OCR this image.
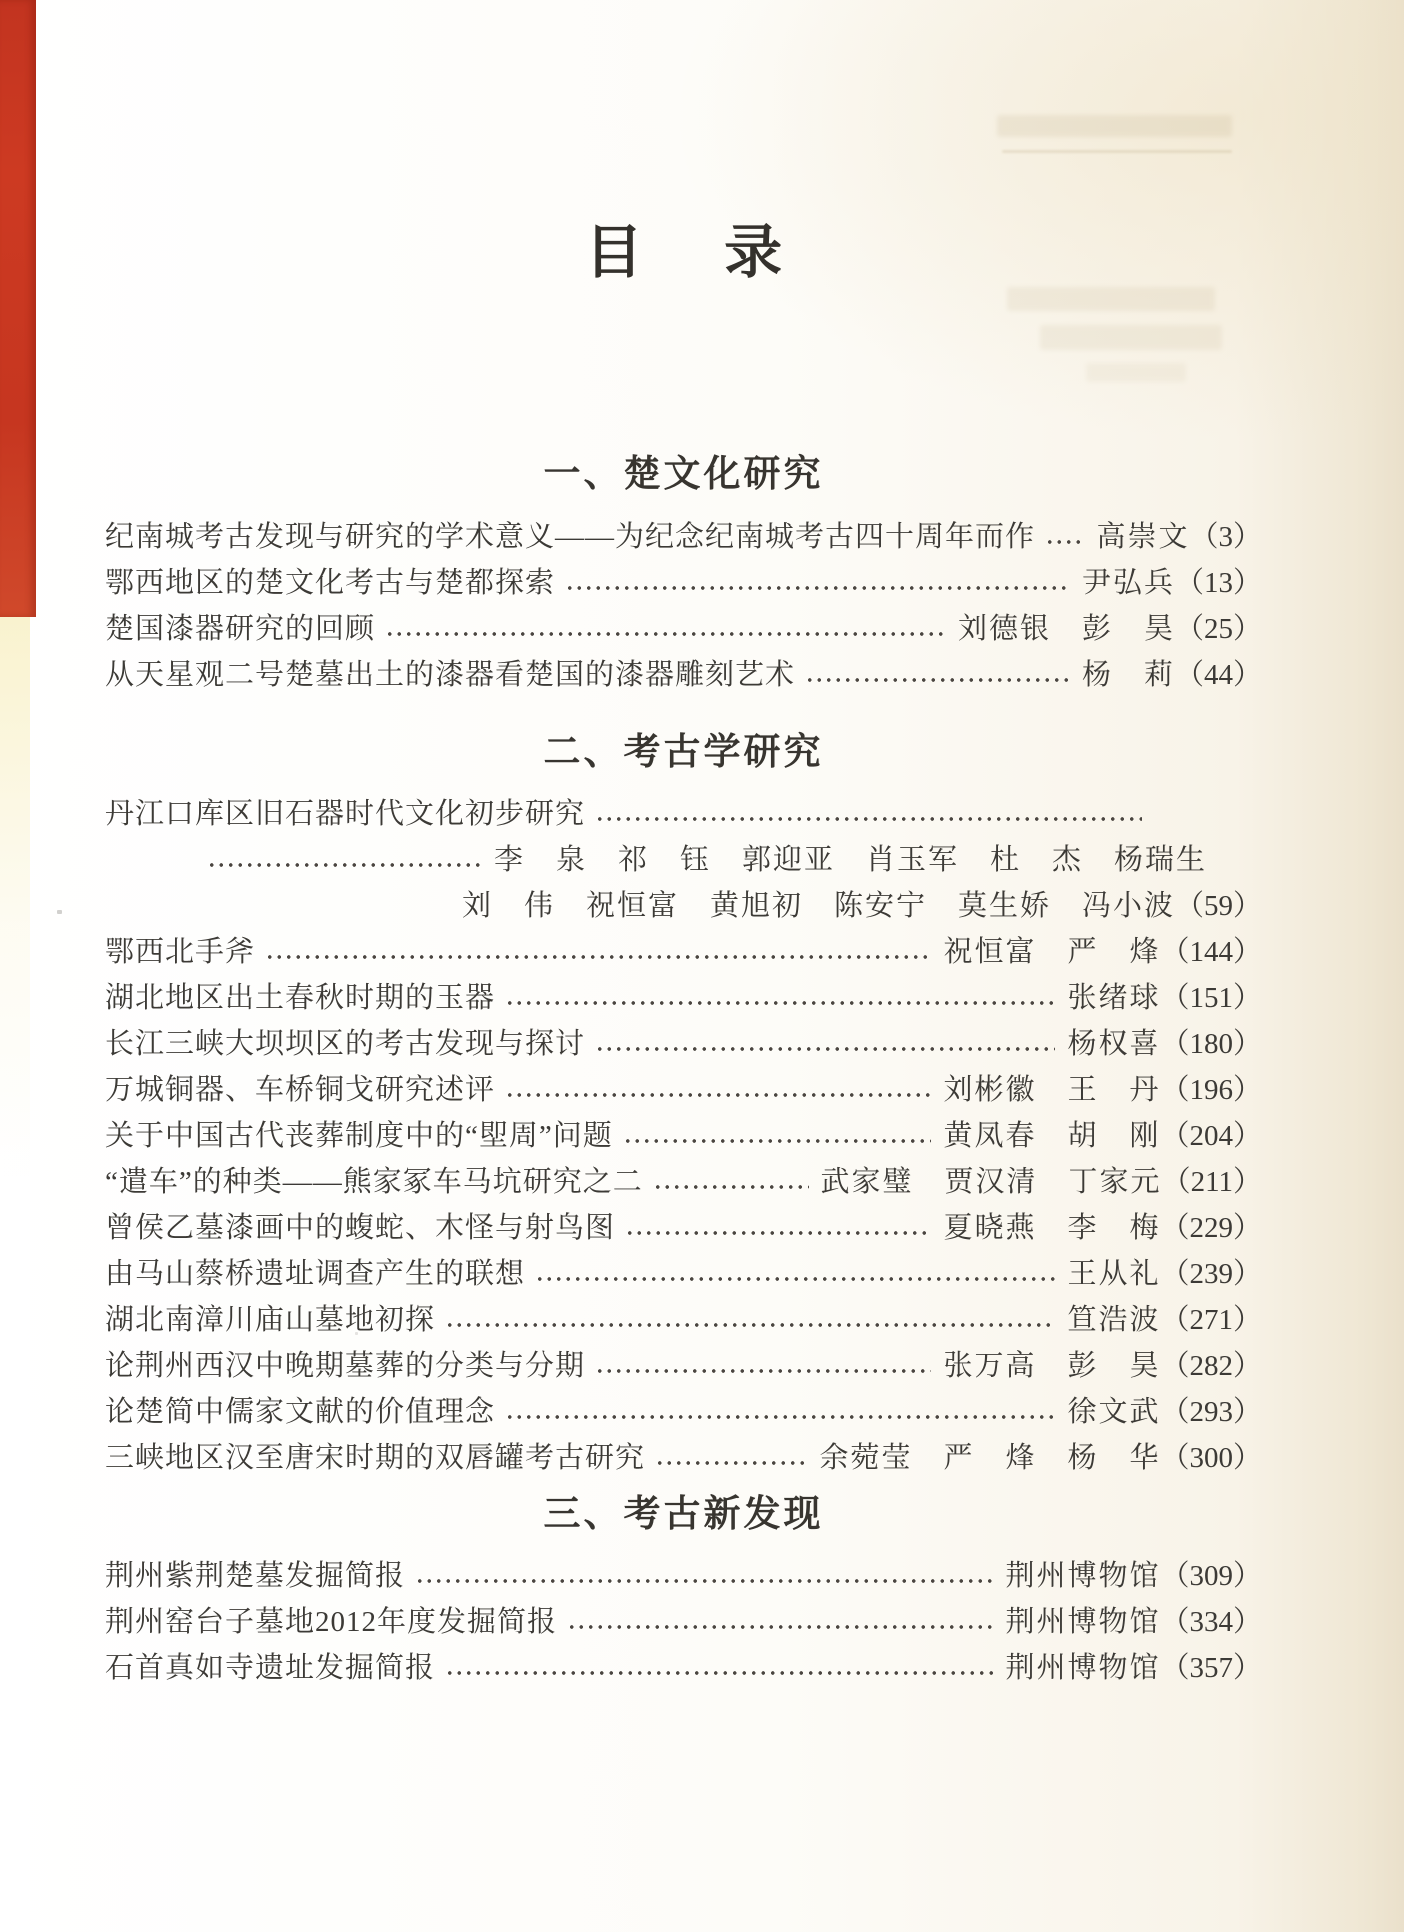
目录
一、楚文化研究
纪南城考古发现与研究的学术意义——为纪念纪南城考古四十周年而作 高崇文 （3）
鄂西地区的楚文化考古与楚都探索	尹弘兵 （13）
楚国漆器研究的回顾	刘德银　彭　昊 （25）
从天星观二号楚墓出土的漆器看楚国的漆器雕刻艺术	杨　莉 （44）
二、考古学研究
丹江口库区旧石器时代文化初步研究
李　泉　祁　钰　郭迎亚　肖玉军　杜　杰　杨瑞生
刘　伟　祝恒富　黄旭初　陈安宁　莫生娇　冯小波 （59）
鄂西北手斧	祝恒富　严　烽 （144）
湖北地区出土春秋时期的玉器	张绪球 （151）
长江三峡大坝坝区的考古发现与探讨	杨权喜 （180）
万城铜器、车桥铜戈研究述评	刘彬徽　王　丹 （196）
关于中国古代丧葬制度中的“堲周”问题	黄凤春　胡　刚 （204）
“遣车”的种类——熊家冢车马坑研究之二	武家璧　贾汉清　丁家元 （211）
曾侯乙墓漆画中的蝮蛇、木怪与射鸟图	夏晓燕　李　梅 （229）
由马山蔡桥遗址调查产生的联想	王从礼 （239）
湖北南漳川庙山墓地初探	笪浩波 （271）
论荆州西汉中晚期墓葬的分类与分期	张万高　彭　昊 （282）
论楚简中儒家文献的价值理念	徐文武 （293）
三峡地区汉至唐宋时期的双唇罐考古研究	余菀莹　严　烽　杨　华 （300）
三、考古新发现
荆州紫荆楚墓发掘简报	荆州博物馆 （309）
荆州窑台子墓地2012年度发掘简报	荆州博物馆 （334）
石首真如寺遗址发掘简报	荆州博物馆 （357）
